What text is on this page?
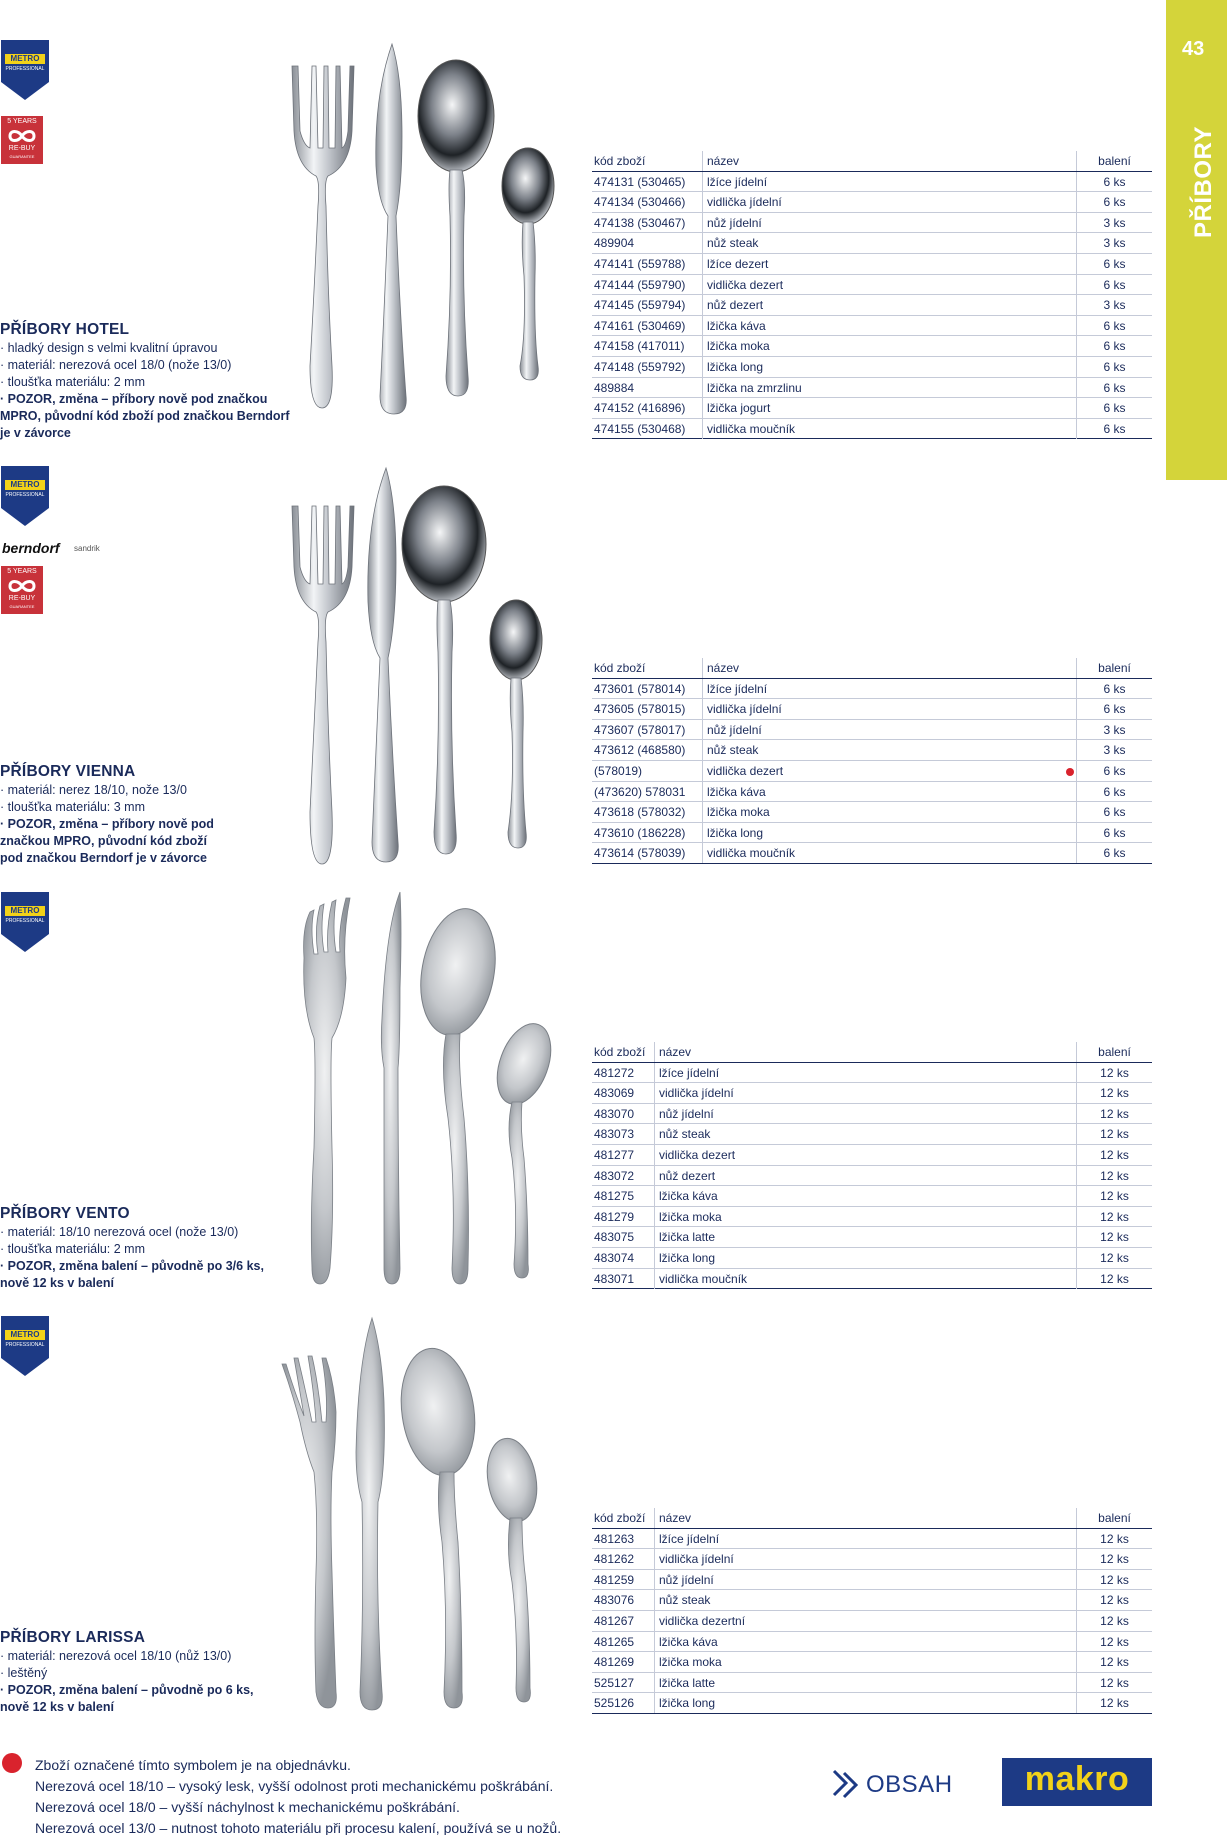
43
PŘÍBORY
METRO
PROFESSIONAL
5 YEARS
RE-BUY
GUARANTEE
METRO
PROFESSIONAL
berndorf sandrik
5 YEARS
RE-BUY
GUARANTEE
METRO
PROFESSIONAL
METRO
PROFESSIONAL
PŘÍBORY HOTEL
· hladký design s velmi kvalitní úpravou
· materiál: nerezová ocel 18/0 (nože 13/0)
· tloušťka materiálu: 2 mm
· POZOR, změna – příbory nově pod značkou MPRO, původní kód zboží pod značkou Berndorf je v závorce
PŘÍBORY VIENNA
· materiál: nerez 18/10, nože 13/0
· tloušťka materiálu: 3 mm
· POZOR, změna – příbory nově pod značkou MPRO, původní kód zboží pod značkou Berndorf je v závorce
PŘÍBORY VENTO
· materiál: 18/10 nerezová ocel (nože 13/0)
· tloušťka materiálu: 2 mm
· POZOR, změna balení – původně po 3/6 ks, nově 12 ks v balení
PŘÍBORY LARISSA
· materiál: nerezová ocel 18/10 (nůž 13/0)
· leštěný
· POZOR, změna balení – původně po 6 ks, nově 12 ks v balení
kód zboží	název	balení
474131 (530465)	lžíce jídelní	6 ks
474134 (530466)	vidlička jídelní	6 ks
474138 (530467)	nůž jídelní	3 ks
489904	nůž steak	3 ks
474141 (559788)	lžíce dezert	6 ks
474144 (559790)	vidlička dezert	6 ks
474145 (559794)	nůž dezert	3 ks
474161 (530469)	lžička káva	6 ks
474158 (417011)	lžička moka	6 ks
474148 (559792)	lžička long	6 ks
489884	lžička na zmrzlinu	6 ks
474152 (416896)	lžička jogurt	6 ks
474155 (530468)	vidlička moučník	6 ks
kód zboží	název	balení
473601 (578014)	lžíce jídelní	6 ks
473605 (578015)	vidlička jídelní	6 ks
473607 (578017)	nůž jídelní	3 ks
473612 (468580)	nůž steak	3 ks
(578019)	vidlička dezert	6 ks
(473620) 578031	lžička káva	6 ks
473618 (578032)	lžička moka	6 ks
473610 (186228)	lžička long	6 ks
473614 (578039)	vidlička moučník	6 ks
kód zboží	název	balení
481272	lžíce jídelní	12 ks
483069	vidlička jídelní	12 ks
483070	nůž jídelní	12 ks
483073	nůž steak	12 ks
481277	vidlička dezert	12 ks
483072	nůž dezert	12 ks
481275	lžička káva	12 ks
481279	lžička moka	12 ks
483075	lžička latte	12 ks
483074	lžička long	12 ks
483071	vidlička moučník	12 ks
kód zboží	název	balení
481263	lžíce jídelní	12 ks
481262	vidlička jídelní	12 ks
481259	nůž jídelní	12 ks
483076	nůž steak	12 ks
481267	vidlička dezertní	12 ks
481265	lžička káva	12 ks
481269	lžička moka	12 ks
525127	lžička latte	12 ks
525126	lžička long	12 ks
Zboží označené tímto symbolem je na objednávku.
Nerezová ocel 18/10 – vysoký lesk, vyšší odolnost proti mechanickému poškrábání.
Nerezová ocel 18/0 – vyšší náchylnost k mechanickému poškrábání.
Nerezová ocel 13/0 – nutnost tohoto materiálu při procesu kalení, používá se u nožů.
OBSAH	makro
